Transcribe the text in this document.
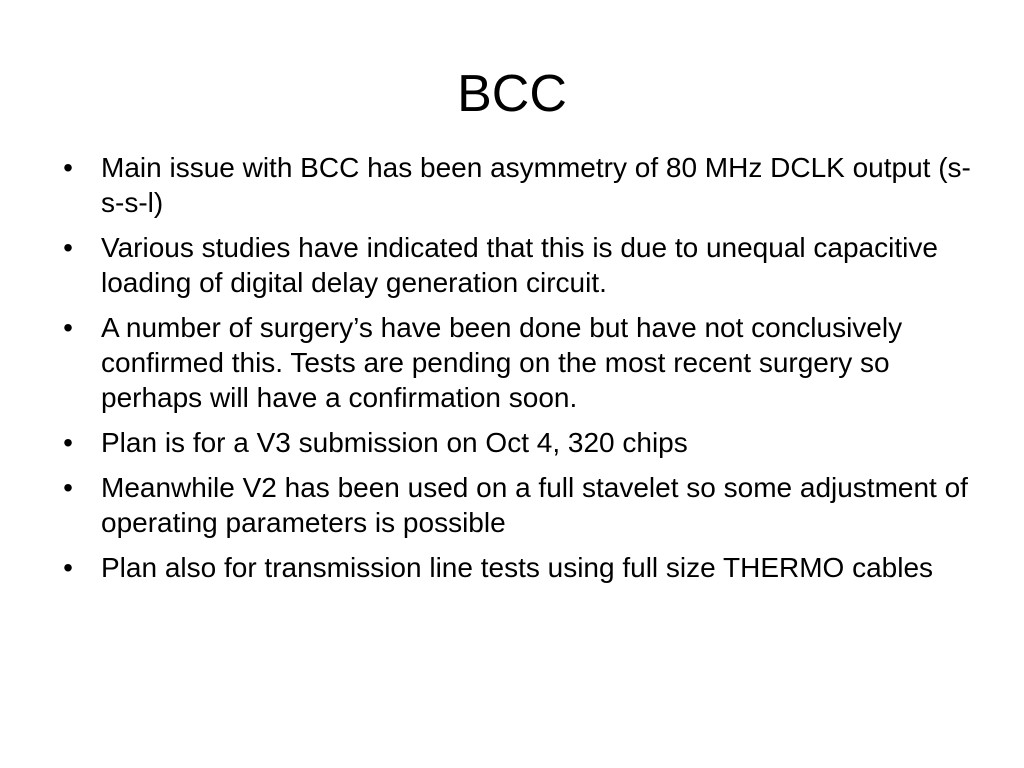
BCC
• Main issue with BCC has been asymmetry of 80 MHz DCLK output (s-s-s-l)
• Various studies have indicated that this is due to unequal capacitive loading of digital delay generation circuit.
• A number of surgery’s have been done but have not conclusively confirmed this. Tests are pending on the most recent surgery so perhaps will have a confirmation soon.
• Plan is for a V3 submission on Oct 4, 320 chips
• Meanwhile V2 has been used on a full stavelet so some adjustment of operating parameters is possible
• Plan also for transmission line tests using full size THERMO cables
